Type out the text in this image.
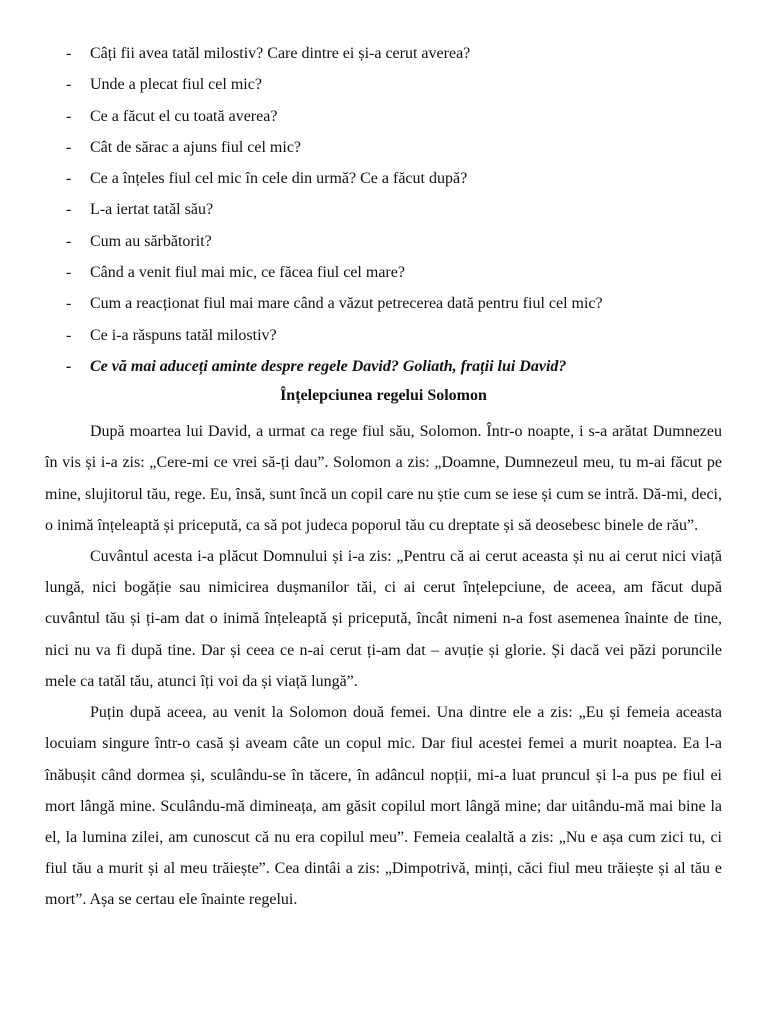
-	Câți fii avea tatăl milostiv? Care dintre ei și-a cerut averea?
-	Unde a plecat fiul cel mic?
-	Ce a făcut el cu toată averea?
-	Cât de sărac a ajuns fiul cel mic?
-	Ce a înțeles fiul cel mic în cele din urmă? Ce a făcut după?
-	L-a iertat tatăl său?
-	Cum au sărbătorit?
-	Când a venit fiul mai mic, ce făcea fiul cel mare?
-	Cum a reacționat fiul mai mare când a văzut petrecerea dată pentru fiul cel mic?
-	Ce i-a răspuns tatăl milostiv?
-	Ce vă mai aduceți aminte despre regele David? Goliath, frații lui David?
Înțelepciunea regelui Solomon

După moartea lui David, a urmat ca rege fiul său, Solomon. Într-o noapte, i s-a arătat Dumnezeu în vis și i-a zis: „Cere-mi ce vrei să-ți dau”. Solomon a zis: „Doamne, Dumnezeul meu, tu m-ai făcut pe mine, slujitorul tău, rege. Eu, însă, sunt încă un copil care nu știe cum se iese și cum se intră. Dă-mi, deci, o inimă înțeleaptă și pricepută, ca să pot judeca poporul tău cu dreptate și să deosebesc binele de rău”.

Cuvântul acesta i-a plăcut Domnului și i-a zis: „Pentru că ai cerut aceasta și nu ai cerut nici viață lungă, nici bogăție sau nimicirea dușmanilor tăi, ci ai cerut înțelepciune, de aceea, am făcut după cuvântul tău și ți-am dat o inimă înțeleaptă și pricepută, încât nimeni n-a fost asemenea înainte de tine, nici nu va fi după tine. Dar și ceea ce n-ai cerut ți-am dat – avuție și glorie. Și dacă vei păzi poruncile mele ca tatăl tău, atunci îți voi da și viață lungă”.

Puțin după aceea, au venit la Solomon două femei. Una dintre ele a zis: „Eu și femeia aceasta locuiam singure într-o casă și aveam câte un copul mic. Dar fiul acestei femei a murit noaptea. Ea l-a înăbușit când dormea și, sculându-se în tăcere, în adâncul nopții, mi-a luat pruncul și l-a pus pe fiul ei mort lângă mine. Sculându-mă dimineața, am găsit copilul mort lângă mine; dar uitându-mă mai bine la el, la lumina zilei, am cunoscut că nu era copilul meu”. Femeia cealaltă a zis: „Nu e așa cum zici tu, ci fiul tău a murit și al meu trăiește”. Cea dintâi a zis: „Dimpotrivă, minți, căci fiul meu trăiește și al tău e mort”. Așa se certau ele înainte regelui.
